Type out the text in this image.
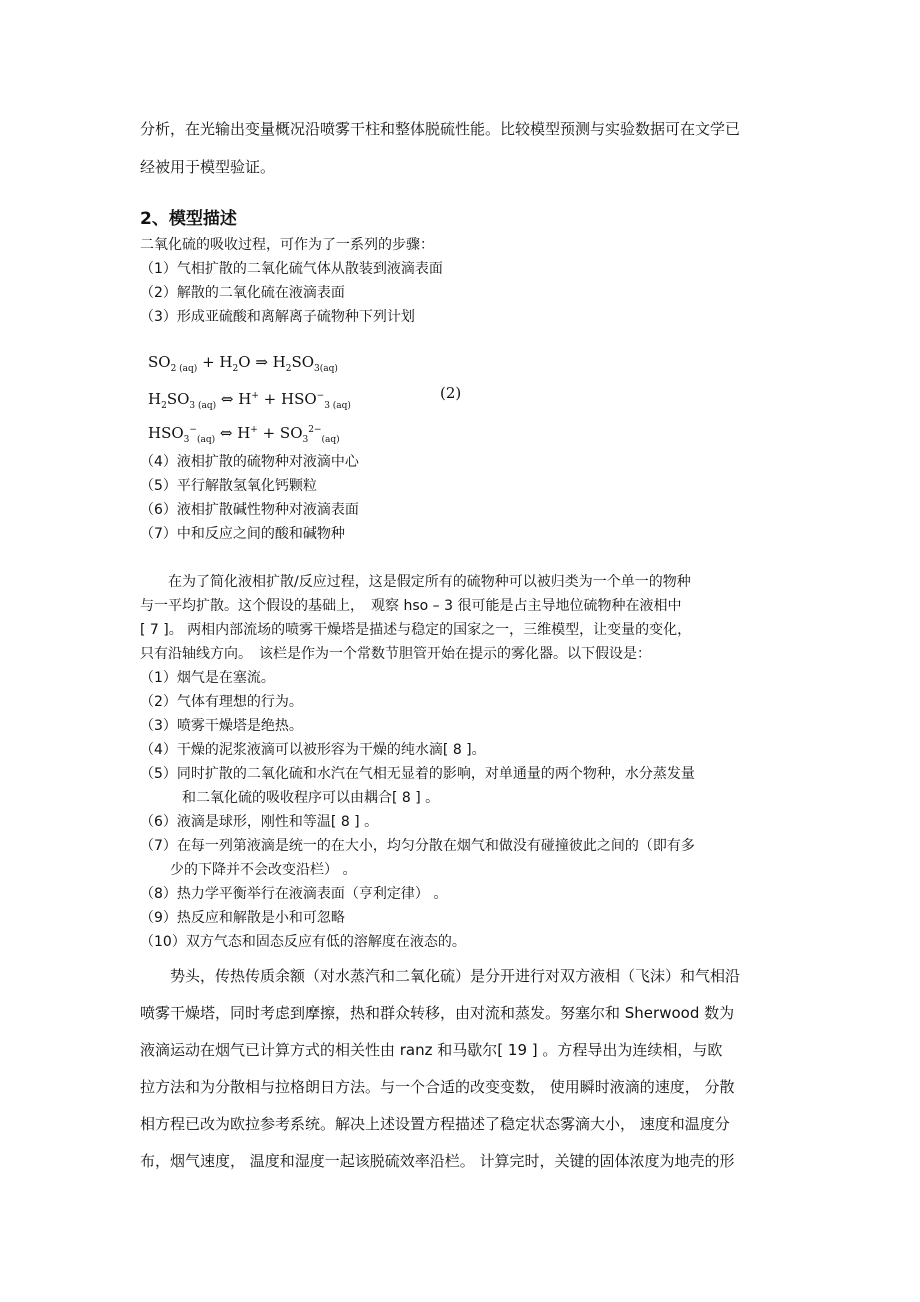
分析，在光输出变量概况沿喷雾干柱和整体脱硫性能。比较模型预测与实验数据可在文学已
经被用于模型验证。
2、模型描述
二氧化硫的吸收过程，可作为了一系列的步骤：
（1）气相扩散的二氧化硫气体从散装到液滴表面
（2）解散的二氧化硫在液滴表面
（3）形成亚硫酸和离解离子硫物种下列计划
$SO_{2 (aq)} + H_2O$ ⇒ $H_2SO_{3(aq)}$
$H_2SO_{3 (aq)}$ ⇔ $H^+ + HSO^-_{3 (aq)}$
$HSO_3^-_{(aq)}$ ⇔ $H^+ + SO_3^{2-}_{(aq)}$
(2)
（4）液相扩散的硫物种对液滴中心
（5）平行解散氢氧化钙颗粒
（6）液相扩散碱性物种对液滴表面
（7）中和反应之间的酸和碱物种
　　在为了简化液相扩散/反应过程，这是假定所有的硫物种可以被归类为一个单一的物种
与一平均扩散。这个假设的基础上，　观察 hso – 3 很可能是占主导地位硫物种在液相中
[ 7 ]。 两相内部流场的喷雾干燥塔是描述与稳定的国家之一，三维模型，让变量的变化，
只有沿轴线方向。　该栏是作为一个常数节胆管开始在提示的雾化器。以下假设是：
（1）烟气是在塞流。
（2）气体有理想的行为。
（3）喷雾干燥塔是绝热。
（4）干燥的泥浆液滴可以被形容为干燥的纯水滴[ 8 ]。
（5）同时扩散的二氧化硫和水汽在气相无显着的影响，对单通量的两个物种，水分蒸发量
和二氧化硫的吸收程序可以由耦合[ 8 ] 。
（6）液滴是球形，刚性和等温[ 8 ] 。
（7）在每一列第液滴是统一的在大小，均匀分散在烟气和做没有碰撞彼此之间的（即有多
少的下降并不会改变沿栏） 。
（8）热力学平衡举行在液滴表面（亨利定律） 。
（9）热反应和解散是小和可忽略
（10）双方气态和固态反应有低的溶解度在液态的。
　　势头，传热传质余额（对水蒸汽和二氧化硫）是分开进行对双方液相（飞沫）和气相沿
喷雾干燥塔，同时考虑到摩擦，热和群众转移，由对流和蒸发。努塞尔和 Sherwood 数为
液滴运动在烟气已计算方式的相关性由 ranz 和马歇尔[ 19 ] 。方程导出为连续相，与欧
拉方法和为分散相与拉格朗日方法。与一个合适的改变变数， 使用瞬时液滴的速度， 分散
相方程已改为欧拉参考系统。解决上述设置方程描述了稳定状态雾滴大小， 速度和温度分
布，烟气速度， 温度和湿度一起该脱硫效率沿栏。 计算完时，关键的固体浓度为地壳的形
